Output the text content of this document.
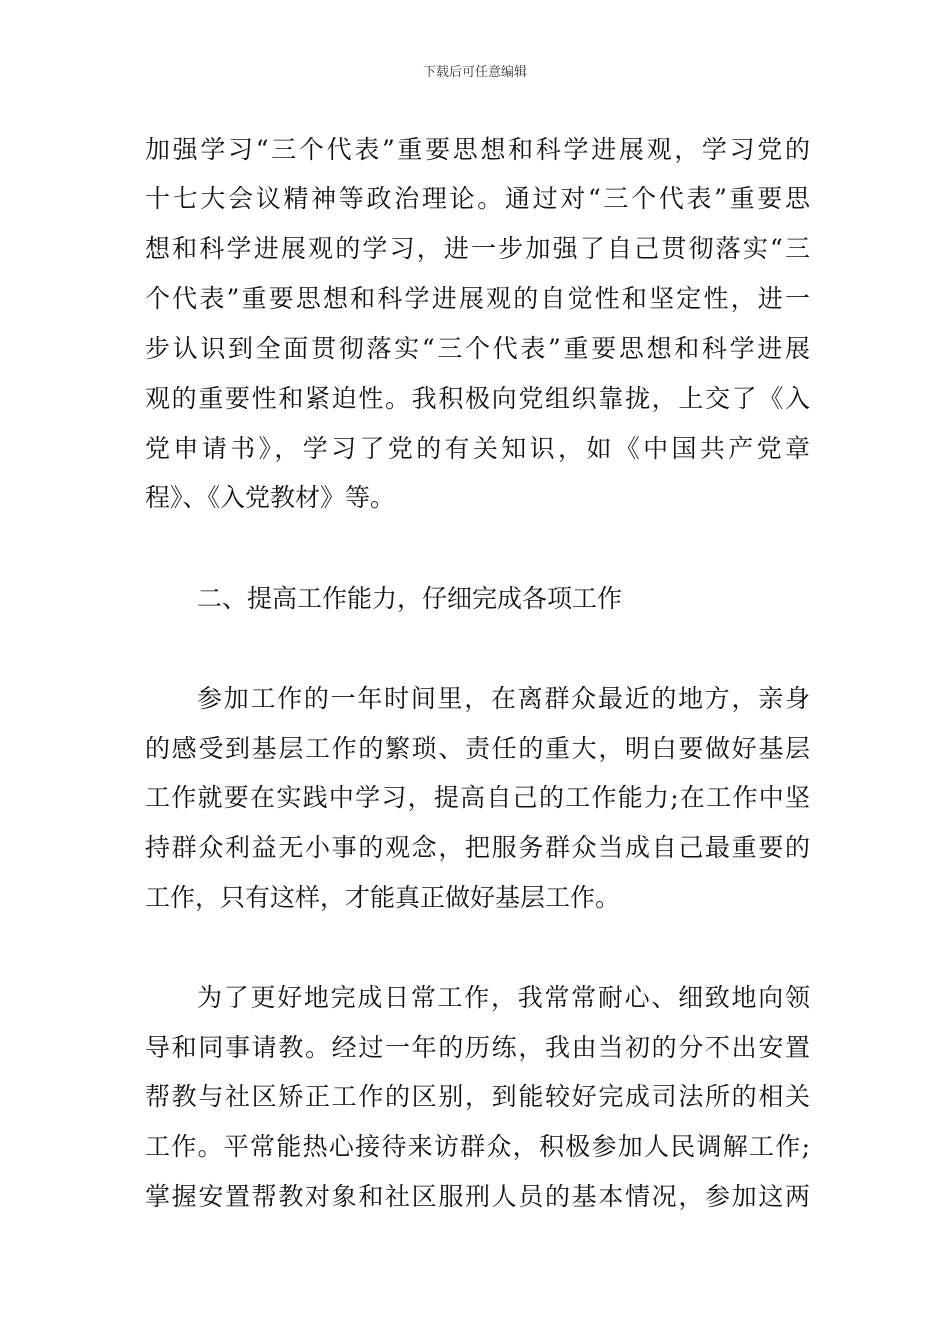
下载后可任意编辑
加强学习“三个代表”重要思想和科学进展观，学习党的
十七大会议精神等政治理论。通过对“三个代表”重要思
想和科学进展观的学习，进一步加强了自己贯彻落实“三
个代表”重要思想和科学进展观的自觉性和坚定性，进一
步认识到全面贯彻落实“三个代表”重要思想和科学进展
观的重要性和紧迫性。我积极向党组织靠拢，上交了《入
党申请书》，学习了党的有关知识，如《中国共产党章
程》、《入党教材》等。
二、提高工作能力，仔细完成各项工作
参加工作的一年时间里，在离群众最近的地方，亲身
的感受到基层工作的繁琐、责任的重大，明白要做好基层
工作就要在实践中学习，提高自己的工作能力;在工作中坚
持群众利益无小事的观念，把服务群众当成自己最重要的
工作，只有这样，才能真正做好基层工作。
为了更好地完成日常工作，我常常耐心、细致地向领
导和同事请教。经过一年的历练，我由当初的分不出安置
帮教与社区矫正工作的区别，到能较好完成司法所的相关
工作。平常能热心接待来访群众，积极参加人民调解工作;
掌握安置帮教对象和社区服刑人员的基本情况，参加这两
